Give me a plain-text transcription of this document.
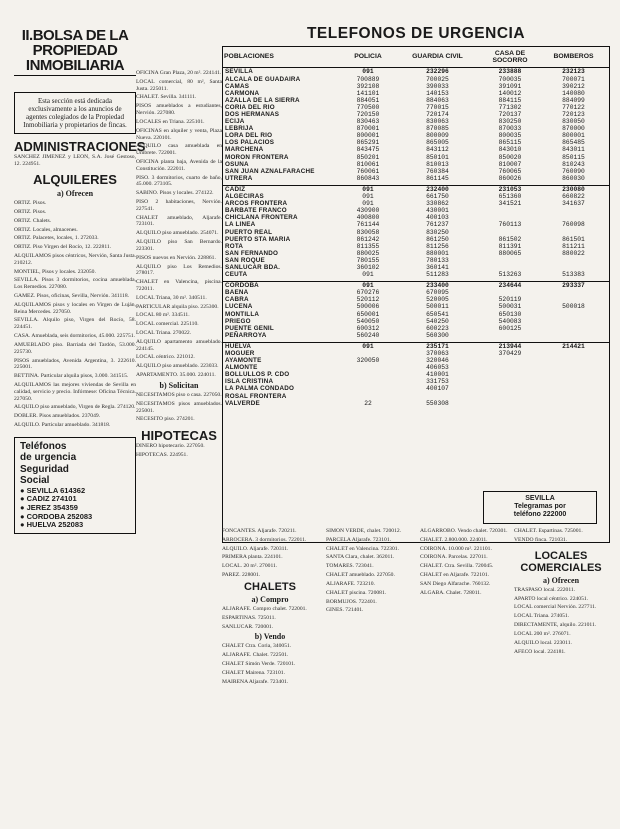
II.BOLSA DE LA
PROPIEDAD INMOBILIARIA
Esta sección está dedicada exclusivamente a los anuncios de agentes colegiados de la Propiedad Inmobiliaria y propietarios de fincas.
ADMINISTRACIONES
SANCHEZ JIMENEZ y LEON, S.A. José Gestoso, 12. 224951.
ALQUILERES
a) Ofrecen
ORTIZ. Pisos.
ORTIZ. Pisos.
ORTIZ. Chalets.
ORTIZ. Locales, almacenes.
ORTIZ. Palacetes, locales, 1. 272033.
ORTIZ. Piso Virgen del Rocío, 12. 222811.
ALQUILAMOS pisos céntricos, Nervión, Santa Justa. 210212.
MONTIEL, Pisos y locales. 232050.
SEVILLA. Pisos 3 dormitorios, cocina amueblada, Los Remedios. 227080.
GAMEZ. Pisos, oficinas, Sevilla, Nervión. 341118.
ALQUILAMOS pisos y locales en Virgen de Luján, Reina Mercedes. 227050.
SEVILLA. Alquilo piso, Virgen del Rocío, 58. 224451.
CASA. Amueblada, seis dormitorios, 45.000. 225751.
AMUEBLADO piso. Barriada del Tardón, 53.000. 225730.
PISOS amueblados, Avenida Argentina, 3. 222610. 225001.
BETTINA. Particular alquila pisos, 3.000. 341515.
ALQUILAMOS las mejores viviendas de Sevilla en calidad, servicio y precio. Infórmese: Oficina Técnica. 227050.
ALQUILO piso amueblado, Virgen de Regla. 274120.
DOBLER. Pisos amueblados. 237049.
ALQUILO. Particular amueblado. 341818.
Teléfonos
de urgencia
Seguridad
Social
● SEVILLA 614362
● CADIZ 274101
● JEREZ 354359
● CORDOBA 252083
● HUELVA 252083
OFICINA Gran Plaza, 20 m². 224141.
LOCAL comercial, 80 m², Santa Justa. 225011.
CHALET. Sevilla. 341111.
PISOS amueblados a estudiantes, Nervión. 227080.
LOCALES en Triana. 225101.
OFICINAS en alquiler y venta, Plaza Nueva. 220101.
ALQUILO casa amueblada en Umbrete. 722001.
OFICINA planta baja, Avenida de la Constitución. 222011.
PISO. 3 dormitorios, cuarto de baño, 45.000. 273105.
SABINO. Pisos y locales. 274122.
PISO 2 habitaciones, Nervión. 227541.
CHALET amueblado, Aljarafe. 723101.
ALQUILO piso amueblado. 254071.
ALQUILO piso San Bernardo. 223301.
PISOS nuevos en Nervión. 228861.
ALQUILO piso Los Remedios. 278017.
CHALET en Valencina, piscina. 722011.
LOCAL Triana, 30 m². 340511.
PARTICULAR alquila piso. 225300.
LOCAL 80 m². 334511.
LOCAL comercial. 225110.
LOCAL Triana. 270022.
ALQUILO apartamento amueblado. 224145.
LOCAL céntrico. 221012.
ALQUILO piso amueblado. 223033.
APARTAMENTO. 35.000. 224011.
b) Solicitan
NECESITAMOS piso o casa. 227050.
NECESITAMOS pisos amueblados. 225001.
NECESITO piso. 274201.
HIPOTECAS
DINERO hipotecario. 227050.
HIPOTECAS. 224951.
TELEFONOS DE URGENCIA
POBLACIONES	POLICIA	GUARDIA CIVIL	CASA DE SOCORRO	BOMBEROS
SEVILLA	091	232296	233888	232123
ALCALA DE GUADAIRA	700889	700025	700035	700071
CAMAS	392108	390033	391091	390212
CARMONA	141101	140153	140012	140080
AZALLA DE LA SIERRA	884051	884063	884115	884099
CORIA DEL RIO	770500	770015	771302	770122
DOS HERMANAS	720150	720174	720137	720123
ECIJA	830463	830063	830250	830050
LEBRIJA	870001	870085	870033	870000
LORA DEL RIO	800001	800009	800035	800001
LOS PALACIOS	865291	865005	865115	865485
MARCHENA	843475	843112	843010	843011
MORON FRONTERA	850201	850101	850020	850115
OSUNA	810061	810013	810007	810243
SAN JUAN AZNALFARACHE	760061	760384	760065	760090
UTRERA	860843	861145	860026	860030

CADIZ	091	232400	231053	230080
ALGECIRAS	091	661750	651360	660822
ARCOS FRONTERA	091	330862	341521	341637
BARBATE FRANCO	430900	430001		
CHICLANA FRONTERA	400800	400103		
LA LINEA	761144	761237	760113	760098
PUERTO REAL	830058	830250		
PUERTO STA MARIA	861242	861250	861502	861501
ROTA	811355	811256	811391	811211
SAN FERNANDO	880025	880001	880065	880022
SAN ROQUE	780155	780133		
SANLUCAR BDA.	360102	360141		
CEUTA	091	511283	513263	513383

CORDOBA	091	233400	234644	293337
BAENA	670276	670095		
CABRA	520112	520005	520119	
LUCENA	500006	500011	500031	500018
MONTILLA	650001	650541	650130	
PRIEGO	540050	540250	540083	
PUENTE GENIL	600312	600223	600125	
PEÑARROYA	560240	560300		

HUELVA	091	235171	213944	214421
MOGUER		370063	370429	
AYAMONTE	320050	320046		
ALMONTE		406053		
BOLLULLOS P. CDO		410001		
ISLA CRISTINA		331753		
LA PALMA CONDADO		400107		
ROSAL FRONTERA				
VALVERDE	22	550308		
SEVILLA
Telegramas por
teléfono 222000
FONCANTES. Aljarafe. 720211.
ARROCERA. 3 dormitorios. 722011.
ALQUILO. Aljarafe. 720311.
PRIMERA planta. 224101.
LOCAL. 20 m². 270011.
PAREZ. 228001.
CHALETS
a) Compro
ALJARAFE. Compro chalet. 722001.
ESPARTINAS. 725011.
SANLUCAR. 720001.
b) Vendo
CHALET Ctra. Coria, 340051.
ALJARAFE. Chalet. 722501.
CHALET Simón Verde. 720101.
CHALET Mairena. 723101.
MAIRENA Aljarafe. 723401.
SIMON VERDE, chalet. 720012.
PARCELA Aljarafe. 723101.
CHALET en Valencina. 722301.
SANTA Clara, chalet. 362011.
TOMARES. 723041.
CHALET amueblado. 227050.
ALJARAFE. 723210.
CHALET piscina. 720081.
BORMUJOS. 722401.
GINES. 721401.
ALGARROBO. Vendo chalet. 720301.
CHALET. 2.800.000. 224011.
COIRONA. 10.000 m². 221101.
COIRONA. Parcelas. 227011.
CHALET. Ctra. Sevilla. 720045.
CHALET en Aljarafe. 722101.
SAN Diego Alfarache. 760132.
ALGABA. Chalet. 728011.
CHALET. Espartinas. 725001.
VENDO finca. 721031.
LOCALES
COMERCIALES
a) Ofrecen
TRASPASO local. 222011.
APARTO local céntrico. 224051.
LOCAL comercial Nervión. 227711.
LOCAL Triana. 274051.
DIRECTAMENTE, alquilo. 221011.
LOCAL 200 m². 276071.
ALQUILO local. 223011.
AFECO local. 224181.
